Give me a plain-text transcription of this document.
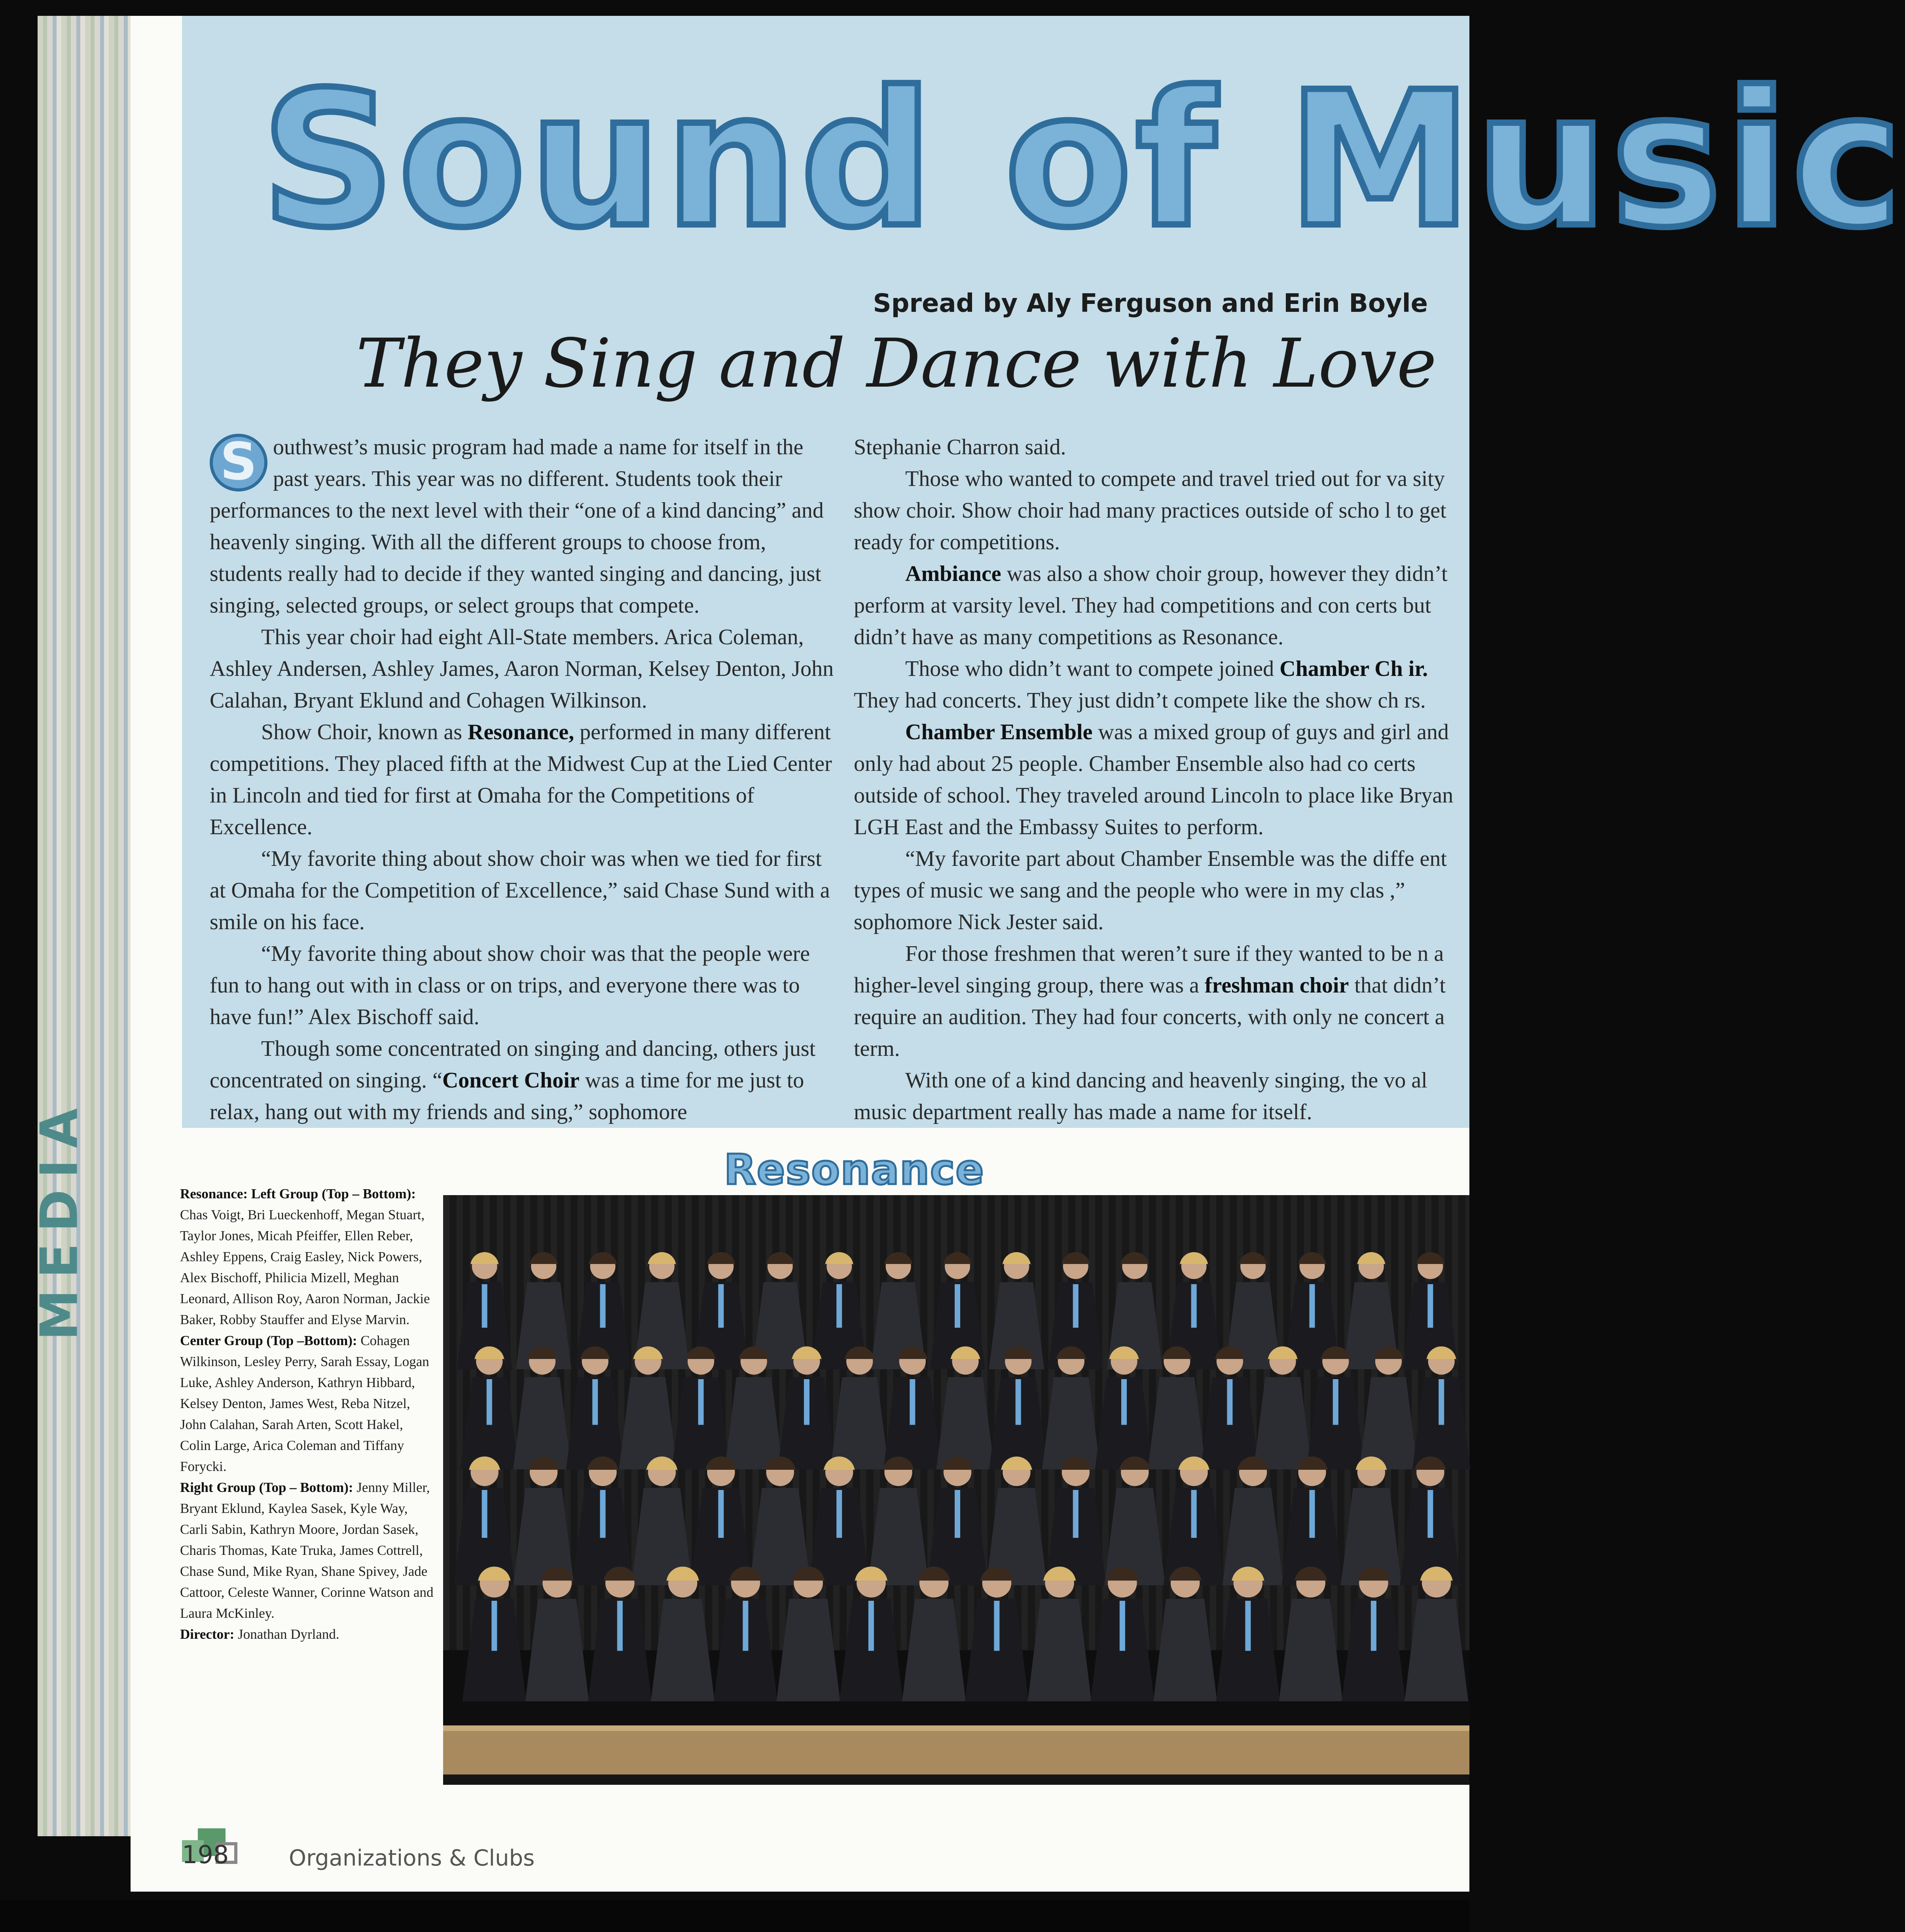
MEDIA
Sound of Music
Spread by Aly Ferguson and Erin Boyle
They Sing and Dance with Love

S outhwest’s music program had made a name for itself in the past years. This year was no different. Students took their performances to the next level with their “one of a kind dancing” and heavenly singing. With all the different groups to choose from, students really had to decide if they wanted singing and dancing, just singing, selected groups, or select groups that compete.

This year choir had eight All-State members. Arica Coleman, Ashley Andersen, Ashley James, Aaron Norman, Kelsey Denton, John Calahan, Bryant Eklund and Cohagen Wilkinson.

Show Choir, known as Resonance, performed in many different competitions. They placed fifth at the Midwest Cup at the Lied Center in Lincoln and tied for first at Omaha for the Competitions of Excellence.

“My favorite thing about show choir was when we tied for first at Omaha for the Competition of Excellence,” said Chase Sund with a smile on his face.

“My favorite thing about show choir was that the people were fun to hang out with in class or on trips, and everyone there was to have fun!” Alex Bischoff said.

Though some concentrated on singing and dancing, others just concentrated on singing. “Concert Choir was a time for me just to relax, hang out with my friends and sing,” sophomore

Stephanie Charron said.

Those who wanted to compete and travel tried out for va sity show choir. Show choir had many practices outside of scho l to get ready for competitions.

Ambiance was also a show choir group, however they didn’t perform at varsity level. They had competitions and con certs but didn’t have as many competitions as Resonance.

Those who didn’t want to compete joined Chamber Ch ir. They had concerts. They just didn’t compete like the show ch rs.

Chamber Ensemble was a mixed group of guys and girl and only had about 25 people. Chamber Ensemble also had co certs outside of school. They traveled around Lincoln to place like Bryan LGH East and the Embassy Suites to perform.

“My favorite part about Chamber Ensemble was the diffe ent types of music we sang and the people who were in my clas ,” sophomore Nick Jester said.

For those freshmen that weren’t sure if they wanted to be n a higher-level singing group, there was a freshman choir that didn’t require an audition. They had four concerts, with only ne concert a term.

With one of a kind dancing and heavenly singing, the vo al music department really has made a name for itself.

Resonance
Resonance: Left Group (Top – Bottom): Chas Voigt, Bri Lueckenhoff, Megan Stuart, Taylor Jones, Micah Pfeiffer, Ellen Reber, Ashley Eppens, Craig Easley, Nick Powers, Alex Bischoff, Philicia Mizell, Meghan Leonard, Allison Roy, Aaron Norman, Jackie Baker, Robby Stauffer and Elyse Marvin.
Center Group (Top –Bottom): Cohagen Wilkinson, Lesley Perry, Sarah Essay, Logan Luke, Ashley Anderson, Kathryn Hibbard, Kelsey Denton, James West, Reba Nitzel, John Calahan, Sarah Arten, Scott Hakel, Colin Large, Arica Coleman and Tiffany Forycki.
Right Group (Top – Bottom): Jenny Miller, Bryant Eklund, Kaylea Sasek, Kyle Way, Carli Sabin, Kathryn Moore, Jordan Sasek, Charis Thomas, Kate Truka, James Cottrell, Chase Sund, Mike Ryan, Shane Spivey, Jade Cattoor, Celeste Wanner, Corinne Watson and Laura McKinley.
Director: Jonathan Dyrland.
198	Organizations & Clubs
